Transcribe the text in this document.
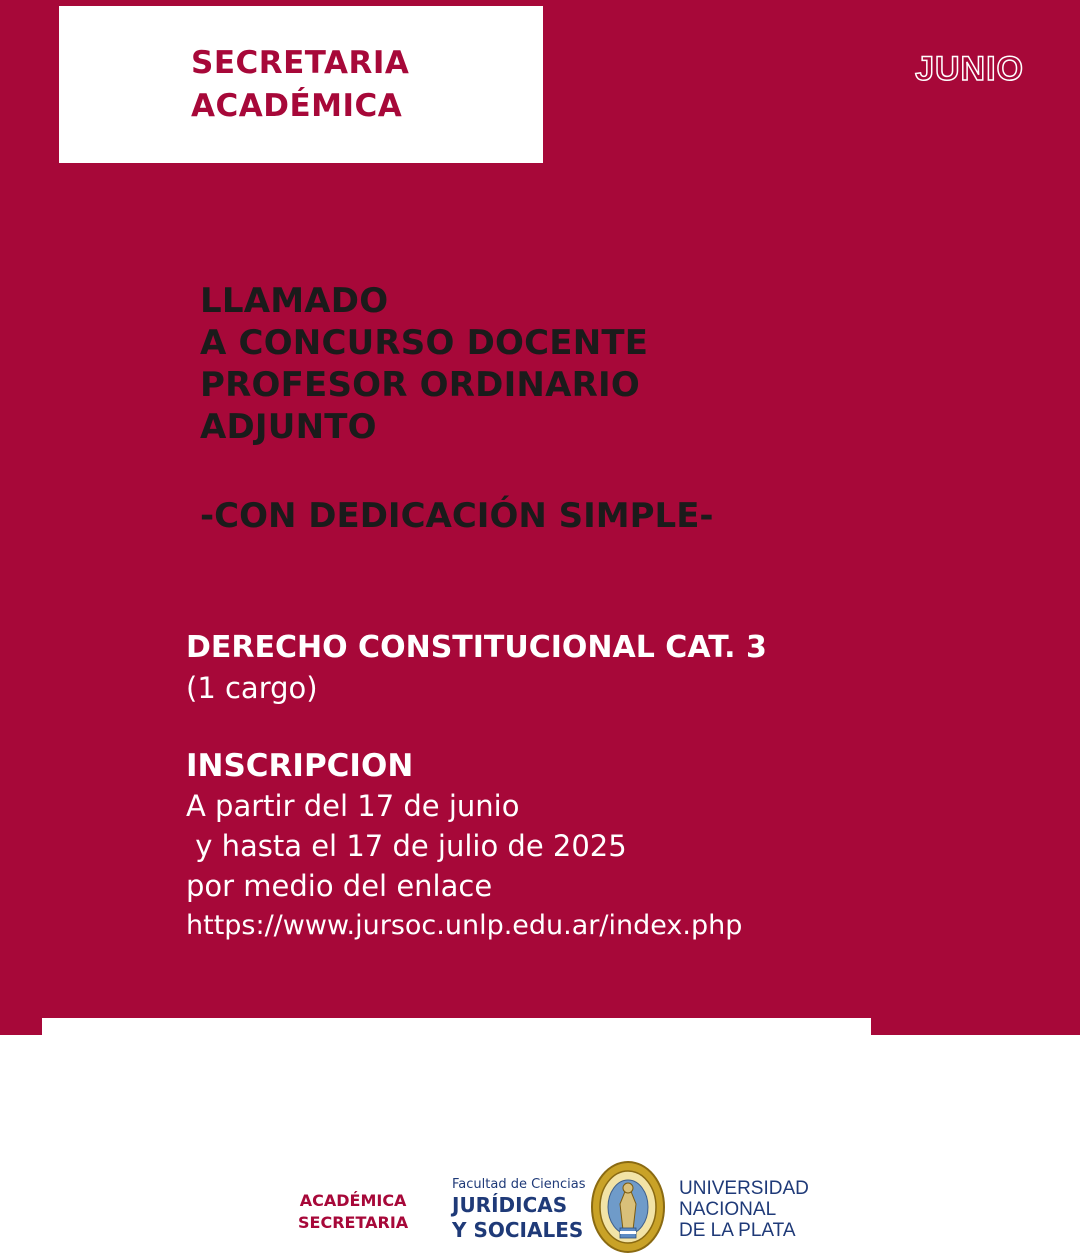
SECRETARIA
ACADÉMICA
JUNIO
LLAMADO
A CONCURSO DOCENTE
PROFESOR ORDINARIO
ADJUNTO
-CON DEDICACIÓN SIMPLE-
DERECHO CONSTITUCIONAL CAT. 3
(1 cargo)
INSCRIPCION
A partir del 17 de junio
y hasta el 17 de julio de 2025
por medio del enlace
https://www.jursoc.unlp.edu.ar/index.php
ACADÉMICA
SECRETARIA
Facultad de Ciencias
JURÍDICAS
Y SOCIALES
UNIVERSIDAD
NACIONAL
DE LA PLATA
